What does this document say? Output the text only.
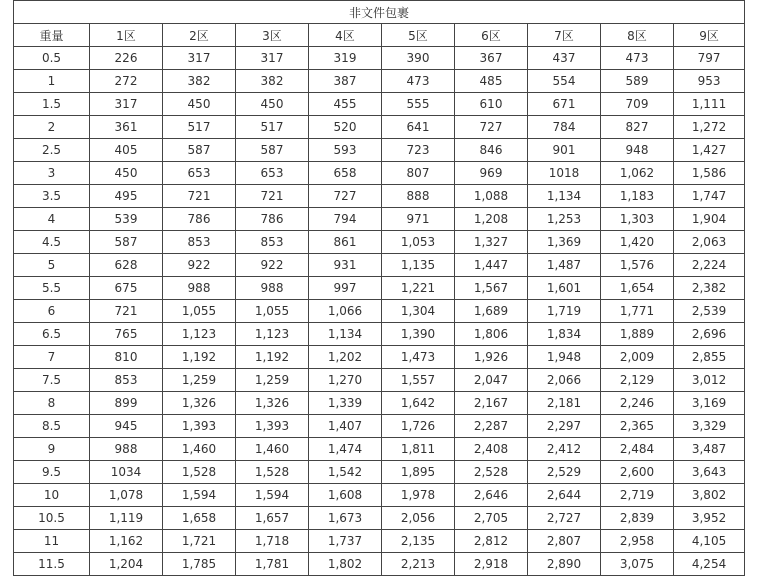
非文件包裹									
重量	1区	2区	3区	4区	5区	6区	7区	8区	9区
0.5	226	317	317	319	390	367	437	473	797
1	272	382	382	387	473	485	554	589	953
1.5	317	450	450	455	555	610	671	709	1,111
2	361	517	517	520	641	727	784	827	1,272
2.5	405	587	587	593	723	846	901	948	1,427
3	450	653	653	658	807	969	1018	1,062	1,586
3.5	495	721	721	727	888	1,088	1,134	1,183	1,747
4	539	786	786	794	971	1,208	1,253	1,303	1,904
4.5	587	853	853	861	1,053	1,327	1,369	1,420	2,063
5	628	922	922	931	1,135	1,447	1,487	1,576	2,224
5.5	675	988	988	997	1,221	1,567	1,601	1,654	2,382
6	721	1,055	1,055	1,066	1,304	1,689	1,719	1,771	2,539
6.5	765	1,123	1,123	1,134	1,390	1,806	1,834	1,889	2,696
7	810	1,192	1,192	1,202	1,473	1,926	1,948	2,009	2,855
7.5	853	1,259	1,259	1,270	1,557	2,047	2,066	2,129	3,012
8	899	1,326	1,326	1,339	1,642	2,167	2,181	2,246	3,169
8.5	945	1,393	1,393	1,407	1,726	2,287	2,297	2,365	3,329
9	988	1,460	1,460	1,474	1,811	2,408	2,412	2,484	3,487
9.5	1034	1,528	1,528	1,542	1,895	2,528	2,529	2,600	3,643
10	1,078	1,594	1,594	1,608	1,978	2,646	2,644	2,719	3,802
10.5	1,119	1,658	1,657	1,673	2,056	2,705	2,727	2,839	3,952
11	1,162	1,721	1,718	1,737	2,135	2,812	2,807	2,958	4,105
11.5	1,204	1,785	1,781	1,802	2,213	2,918	2,890	3,075	4,254
